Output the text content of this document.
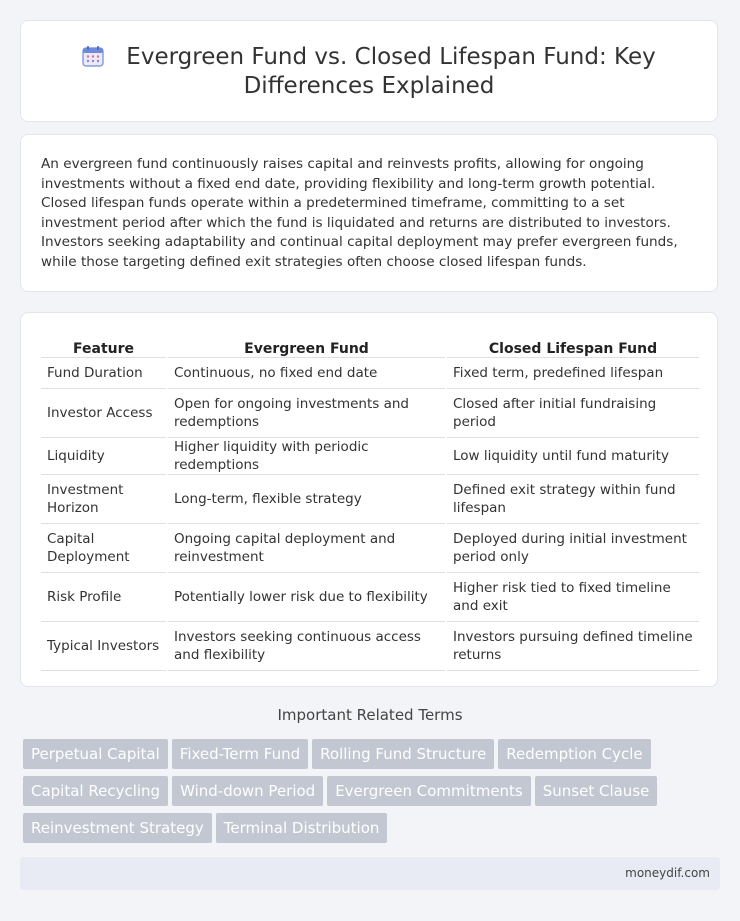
Evergreen Fund vs. Closed Lifespan Fund: Key Differences Explained
An evergreen fund continuously raises capital and reinvests profits, allowing for ongoing investments without a fixed end date, providing flexibility and long-term growth potential. Closed lifespan funds operate within a predetermined timeframe, committing to a set investment period after which the fund is liquidated and returns are distributed to investors. Investors seeking adaptability and continual capital deployment may prefer evergreen funds, while those targeting defined exit strategies often choose closed lifespan funds.
Feature	Evergreen Fund	Closed Lifespan Fund
Fund Duration	Continuous, no fixed end date	Fixed term, predefined lifespan
Investor Access	Open for ongoing investments and redemptions	Closed after initial fundraising period
Liquidity	Higher liquidity with periodic redemptions	Low liquidity until fund maturity
Investment Horizon	Long-term, flexible strategy	Defined exit strategy within fund lifespan
Capital Deployment	Ongoing capital deployment and reinvestment	Deployed during initial investment period only
Risk Profile	Potentially lower risk due to flexibility	Higher risk tied to fixed timeline and exit
Typical Investors	Investors seeking continuous access and flexibility	Investors pursuing defined timeline returns
Important Related Terms
Perpetual Capital Fixed-Term Fund Rolling Fund Structure Redemption Cycle
Capital Recycling Wind-down Period Evergreen Commitments Sunset Clause
Reinvestment Strategy Terminal Distribution
moneydif.com
